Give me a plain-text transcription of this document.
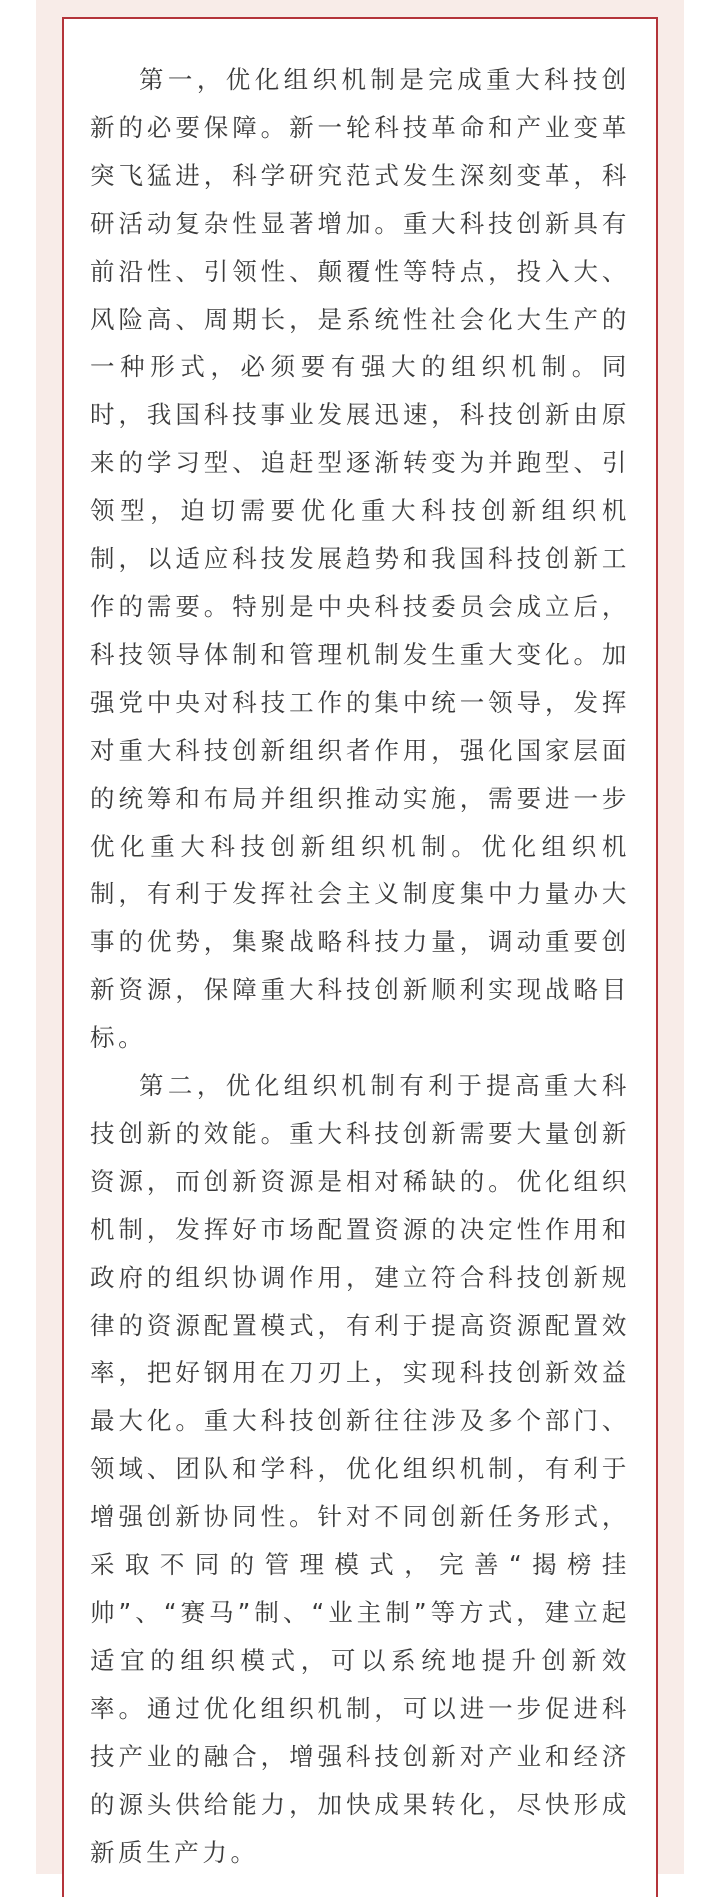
第一，优化组织机制是完成重大科技创新的必要保障。新一轮科技革命和产业变革突飞猛进，科学研究范式发生深刻变革，科研活动复杂性显著增加。重大科技创新具有前沿性、引领性、颠覆性等特点，投入大、风险高、周期长，是系统性社会化大生产的一种形式，必须要有强大的组织机制。同时，我国科技事业发展迅速，科技创新由原来的学习型、追赶型逐渐转变为并跑型、引领型，迫切需要优化重大科技创新组织机制，以适应科技发展趋势和我国科技创新工作的需要。特别是中央科技委员会成立后，科技领导体制和管理机制发生重大变化。加强党中央对科技工作的集中统一领导，发挥对重大科技创新组织者作用，强化国家层面的统筹和布局并组织推动实施，需要进一步优化重大科技创新组织机制。优化组织机制，有利于发挥社会主义制度集中力量办大事的优势，集聚战略科技力量，调动重要创新资源，保障重大科技创新顺利实现战略目标。

第二，优化组织机制有利于提高重大科技创新的效能。重大科技创新需要大量创新资源，而创新资源是相对稀缺的。优化组织机制，发挥好市场配置资源的决定性作用和政府的组织协调作用，建立符合科技创新规律的资源配置模式，有利于提高资源配置效率，把好钢用在刀刃上，实现科技创新效益最大化。重大科技创新往往涉及多个部门、领域、团队和学科，优化组织机制，有利于增强创新协同性。针对不同创新任务形式，采取不同的管理模式，完善“揭榜挂帅”、“赛马”制、“业主制”等方式，建立起适宜的组织模式，可以系统地提升创新效率。通过优化组织机制，可以进一步促进科技产业的融合，增强科技创新对产业和经济的源头供给能力，加快成果转化，尽快形成新质生产力。
